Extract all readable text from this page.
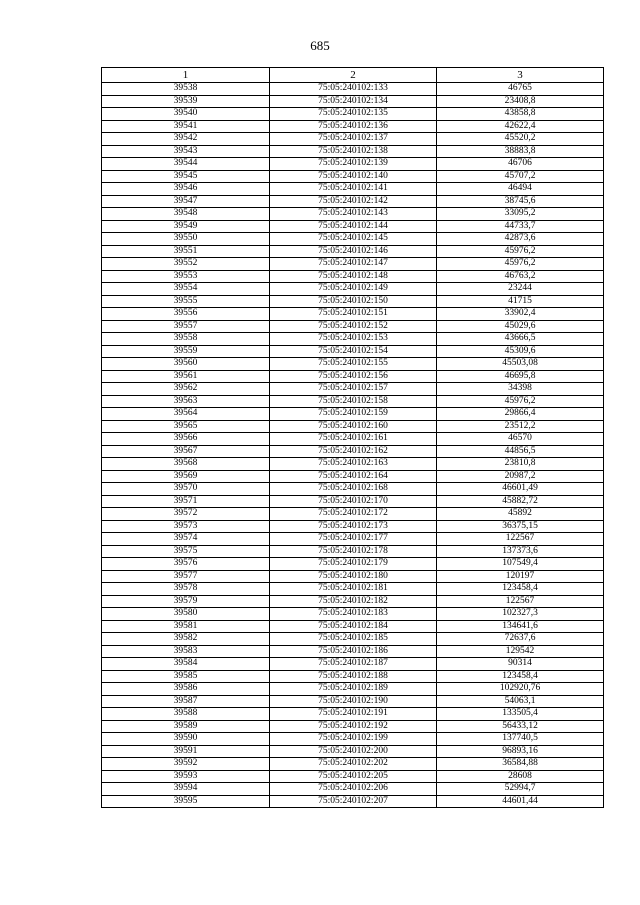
685
1	2	3
39538	75:05:240102:133	46765
39539	75:05:240102:134	23408,8
39540	75:05:240102:135	43858,8
39541	75:05:240102:136	42622,4
39542	75:05:240102:137	45520,2
39543	75:05:240102:138	38883,8
39544	75:05:240102:139	46706
39545	75:05:240102:140	45707,2
39546	75:05:240102:141	46494
39547	75:05:240102:142	38745,6
39548	75:05:240102:143	33095,2
39549	75:05:240102:144	44733,7
39550	75:05:240102:145	42873,6
39551	75:05:240102:146	45976,2
39552	75:05:240102:147	45976,2
39553	75:05:240102:148	46763,2
39554	75:05:240102:149	23244
39555	75:05:240102:150	41715
39556	75:05:240102:151	33902,4
39557	75:05:240102:152	45029,6
39558	75:05:240102:153	43666,5
39559	75:05:240102:154	45309,6
39560	75:05:240102:155	45503,08
39561	75:05:240102:156	46695,8
39562	75:05:240102:157	34398
39563	75:05:240102:158	45976,2
39564	75:05:240102:159	29866,4
39565	75:05:240102:160	23512,2
39566	75:05:240102:161	46570
39567	75:05:240102:162	44856,5
39568	75:05:240102:163	23810,8
39569	75:05:240102:164	20987,2
39570	75:05:240102:168	46601,49
39571	75:05:240102:170	45882,72
39572	75:05:240102:172	45892
39573	75:05:240102:173	36375,15
39574	75:05:240102:177	122567
39575	75:05:240102:178	137373,6
39576	75:05:240102:179	107549,4
39577	75:05:240102:180	120197
39578	75:05:240102:181	123458,4
39579	75:05:240102:182	122567
39580	75:05:240102:183	102327,3
39581	75:05:240102:184	134641,6
39582	75:05:240102:185	72637,6
39583	75:05:240102:186	129542
39584	75:05:240102:187	90314
39585	75:05:240102:188	123458,4
39586	75:05:240102:189	102920,76
39587	75:05:240102:190	54063,1
39588	75:05:240102:191	133505,4
39589	75:05:240102:192	56433,12
39590	75:05:240102:199	137740,5
39591	75:05:240102:200	96893,16
39592	75:05:240102:202	36584,88
39593	75:05:240102:205	28608
39594	75:05:240102:206	52994,7
39595	75:05:240102:207	44601,44
